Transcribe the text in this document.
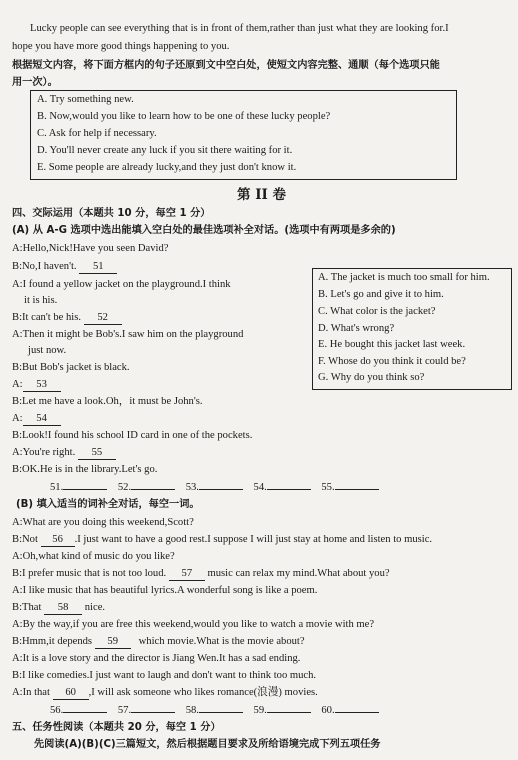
Lucky people can see everything that is in front of them,rather than just what they are looking for.I
hope you have more good things happening to you.
根据短文内容，将下面方框内的句子还原到文中空白处，使短文内容完整、通顺（每个选项只能
用一次）。
A. Try something new.
B. Now,would you like to learn how to be one of these lucky people?
C. Ask for help if necessary.
D. You'll never create any luck if you sit there waiting for it.
E. Some people are already lucky,and they just don't know it.
第 II 卷
四、交际运用（本题共 10 分，每空 1 分）
(A) 从 A-G 选项中选出能填入空白处的最佳选项补全对话。(选项中有两项是多余的)
A:Hello,Nick!Have you seen David?
B:No,I haven't. 51
A:I found a yellow jacket on the playground.I think
it is his.
B:It can't be his. 52
A:Then it might be Bob's.I saw him on the playground
just now.
B:But Bob's jacket is black.
A: 53
B:Let me have a look.Oh，it must be John's.
A: 54
B:Look!I found his school ID card in one of the pockets.
A:You're right. 55
B:OK.He is in the library.Let's go.
A. The jacket is much too small for him.
B. Let's go and give it to him.
C. What color is the jacket?
D. What's wrong?
E. He bought this jacket last week.
F. Whose do you think it could be?
G. Why do you think so?
51.	52.	53.	54.	55.
(B) 填入适当的词补全对话，每空一词。
A:What are you doing this weekend,Scott?
B:Not 56 .I just want to have a good rest.I suppose I will just stay at home and listen to music.
A:Oh,what kind of music do you like?
B:I prefer music that is not too loud. 57 music can relax my mind.What about you?
A:I like music that has beautiful lyrics.A wonderful song is like a poem.
B:That 58 nice.
A:By the way,if you are free this weekend,would you like to watch a movie with me?
B:Hmm,it depends 59 which movie.What is the movie about?
A:It is a love story and the director is Jiang Wen.It has a sad ending.
B:I like comedies.I just want to laugh and don't want to think too much.
A:In that 60 ,I will ask someone who likes romance(浪漫) movies.
56.	57.	58.	59.	60.
五、任务性阅读（本题共 20 分，每空 1 分）
先阅读(A)(B)(C)三篇短文，然后根据题目要求及所给语境完成下列五项任务
